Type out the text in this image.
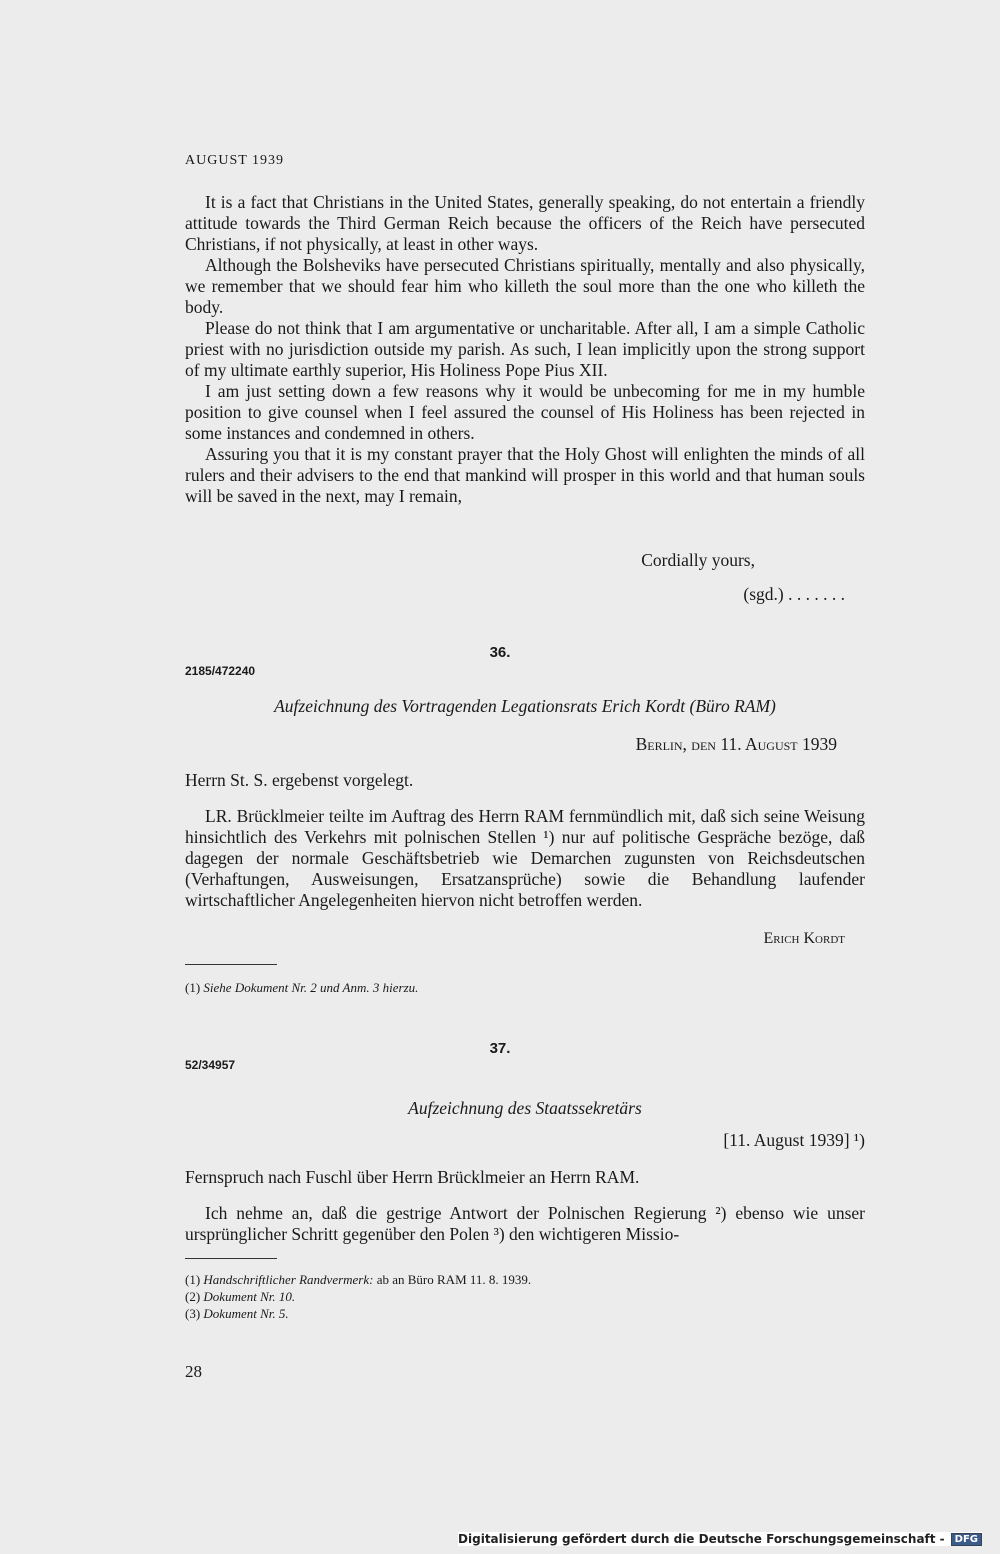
AUGUST 1939

It is a fact that Christians in the United States, generally speaking, do not entertain a friendly attitude towards the Third German Reich because the officers of the Reich have persecuted Christians, if not physically, at least in other ways.

Although the Bolsheviks have persecuted Christians spiritually, mentally and also physically, we remember that we should fear him who killeth the soul more than the one who killeth the body.

Please do not think that I am argumentative or uncharitable. After all, I am a simple Catholic priest with no jurisdiction outside my parish. As such, I lean implicitly upon the strong support of my ultimate earthly superior, His Holiness Pope Pius XII.

I am just setting down a few reasons why it would be unbecoming for me in my humble position to give counsel when I feel assured the counsel of His Holiness has been rejected in some instances and condemned in others.

Assuring you that it is my constant prayer that the Holy Ghost will enlighten the minds of all rulers and their advisers to the end that mankind will prosper in this world and that human souls will be saved in the next, may I remain,

Cordially yours,
(sgd.) . . . . . . .
36.
2185/472240
Aufzeichnung des Vortragenden Legationsrats Erich Kordt (Büro RAM)
Berlin, den 11. August 1939
Herrn St. S. ergebenst vorgelegt.

LR. Brücklmeier teilte im Auftrag des Herrn RAM fernmündlich mit, daß sich seine Weisung hinsichtlich des Verkehrs mit polnischen Stellen ¹) nur auf politische Gespräche bezöge, daß dagegen der normale Geschäftsbetrieb wie Demarchen zugunsten von Reichsdeutschen (Verhaftungen, Ausweisungen, Ersatzansprüche) sowie die Behandlung laufender wirtschaftlicher Angelegenheiten hiervon nicht betroffen werden.

Erich Kordt
(1) Siehe Dokument Nr. 2 und Anm. 3 hierzu.
37.
52/34957
Aufzeichnung des Staatssekretärs
[11. August 1939] ¹)
Fernspruch nach Fuschl über Herrn Brücklmeier an Herrn RAM.

Ich nehme an, daß die gestrige Antwort der Polnischen Regierung ²) ebenso wie unser ursprünglicher Schritt gegenüber den Polen ³) den wichtigeren Missio-

(1) Handschriftlicher Randvermerk: ab an Büro RAM 11. 8. 1939.
(2) Dokument Nr. 10.
(3) Dokument Nr. 5.
28
Digitalisierung gefördert durch die Deutsche Forschungsgemeinschaft -	DFG
